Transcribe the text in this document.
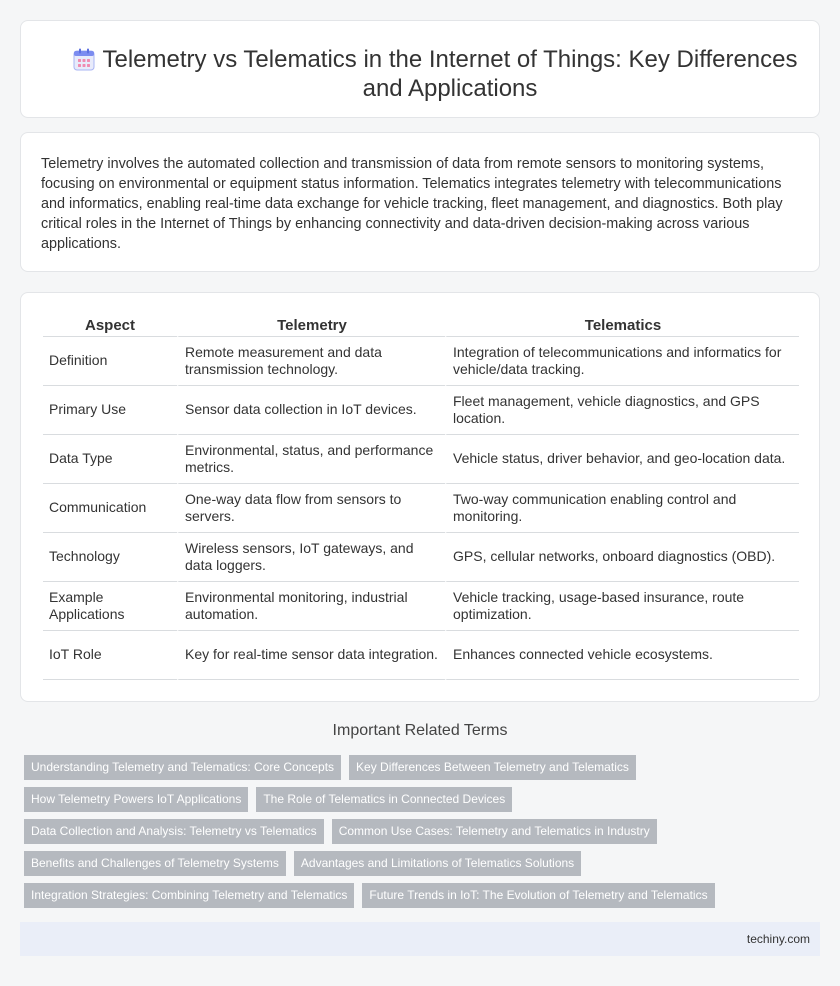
Telemetry vs Telematics in the Internet of Things: Key Differences and Applications

Telemetry involves the automated collection and transmission of data from remote sensors to monitoring systems, focusing on environmental or equipment status information. Telematics integrates telemetry with telecommunications and informatics, enabling real-time data exchange for vehicle tracking, fleet management, and diagnostics. Both play critical roles in the Internet of Things by enhancing connectivity and data-driven decision-making across various applications.

Aspect	Telemetry	Telematics
Definition	Remote measurement and data transmission technology.	Integration of telecommunications and informatics for vehicle/data tracking.
Primary Use	Sensor data collection in IoT devices.	Fleet management, vehicle diagnostics, and GPS location.
Data Type	Environmental, status, and performance metrics.	Vehicle status, driver behavior, and geo-location data.
Communication	One-way data flow from sensors to servers.	Two-way communication enabling control and monitoring.
Technology	Wireless sensors, IoT gateways, and data loggers.	GPS, cellular networks, onboard diagnostics (OBD).
Example Applications	Environmental monitoring, industrial automation.	Vehicle tracking, usage-based insurance, route optimization.
IoT Role	Key for real-time sensor data integration.	Enhances connected vehicle ecosystems.
Important Related Terms
Understanding Telemetry and Telematics: Core Concepts	Key Differences Between Telemetry and Telematics
How Telemetry Powers IoT Applications	The Role of Telematics in Connected Devices
Data Collection and Analysis: Telemetry vs Telematics	Common Use Cases: Telemetry and Telematics in Industry
Benefits and Challenges of Telemetry Systems	Advantages and Limitations of Telematics Solutions
Integration Strategies: Combining Telemetry and Telematics	Future Trends in IoT: The Evolution of Telemetry and Telematics
techiny.com
